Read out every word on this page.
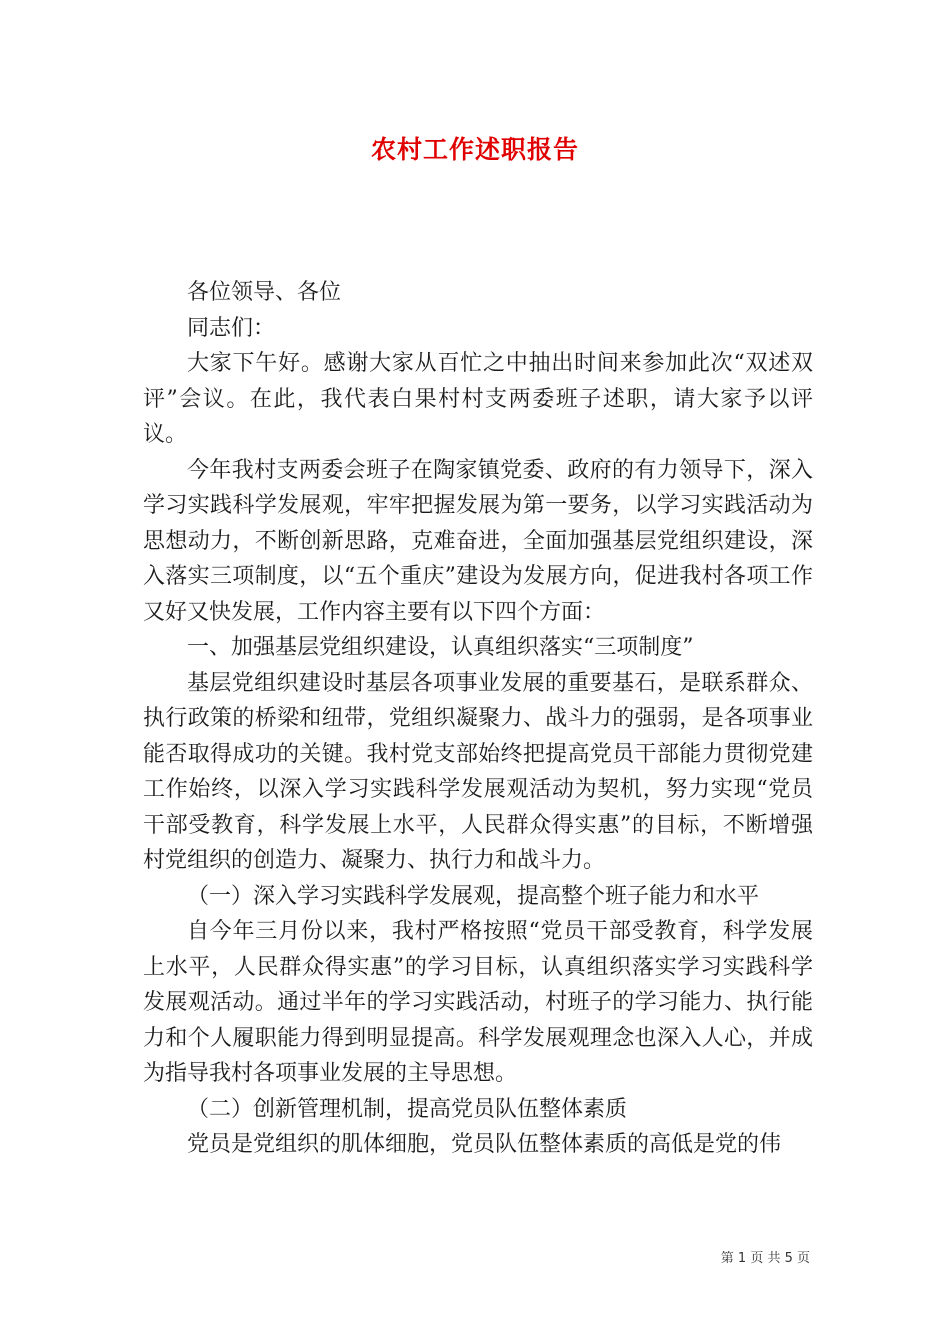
农村工作述职报告

各位领导、各位

同志们：

大家下午好。感谢大家从百忙之中抽出时间来参加此次“双述双评”会议。在此，我代表白果村村支两委班子述职，请大家予以评议。

今年我村支两委会班子在陶家镇党委、政府的有力领导下，深入学习实践科学发展观，牢牢把握发展为第一要务，以学习实践活动为思想动力，不断创新思路，克难奋进，全面加强基层党组织建设，深入落实三项制度，以“五个重庆”建设为发展方向，促进我村各项工作又好又快发展，工作内容主要有以下四个方面：

一、加强基层党组织建设，认真组织落实“三项制度”

基层党组织建设时基层各项事业发展的重要基石，是联系群众、执行政策的桥梁和纽带，党组织凝聚力、战斗力的强弱，是各项事业能否取得成功的关键。我村党支部始终把提高党员干部能力贯彻党建工作始终，以深入学习实践科学发展观活动为契机，努力实现“党员干部受教育，科学发展上水平，人民群众得实惠”的目标，不断增强村党组织的创造力、凝聚力、执行力和战斗力。

（一）深入学习实践科学发展观，提高整个班子能力和水平

自今年三月份以来，我村严格按照“党员干部受教育，科学发展上水平，人民群众得实惠”的学习目标，认真组织落实学习实践科学发展观活动。通过半年的学习实践活动，村班子的学习能力、执行能力和个人履职能力得到明显提高。科学发展观理念也深入人心，并成为指导我村各项事业发展的主导思想。

（二）创新管理机制，提高党员队伍整体素质

党员是党组织的肌体细胞，党员队伍整体素质的高低是党的伟

第 1 页 共 5 页
